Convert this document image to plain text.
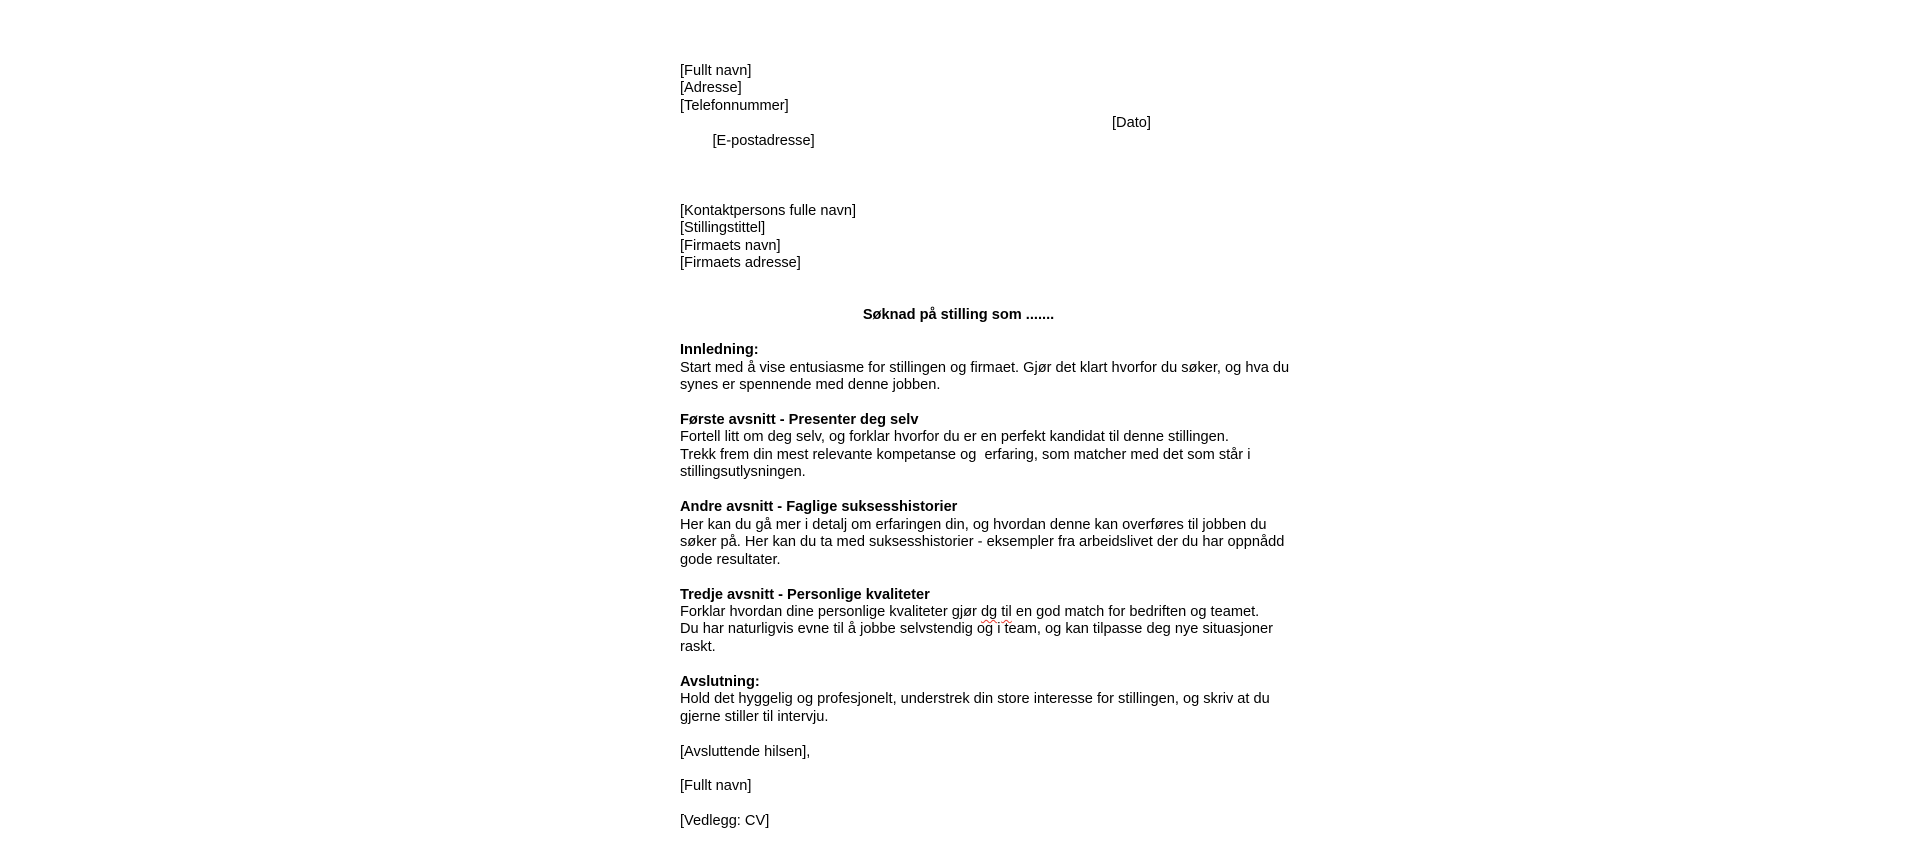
[Fullt navn]
[Adresse]
[Telefonnummer]

[E-postadresse]

[Dato]

[Kontaktpersons fulle navn]
[Stillingstittel]
[Firmaets navn]
[Firmaets adresse]
Søknad på stilling som .......
Innledning:
Start med å vise entusiasme for stillingen og firmaet. Gjør det klart hvorfor du søker, og hva du
synes er spennende med denne jobben.
Første avsnitt - Presenter deg selv
Fortell litt om deg selv, og forklar hvorfor du er en perfekt kandidat til denne stillingen.
Trekk frem din mest relevante kompetanse og  erfaring, som matcher med det som står i
stillingsutlysningen.
Andre avsnitt - Faglige suksesshistorier
Her kan du gå mer i detalj om erfaringen din, og hvordan denne kan overføres til jobben du
søker på. Her kan du ta med suksesshistorier - eksempler fra arbeidslivet der du har oppnådd
gode resultater.
Tredje avsnitt - Personlige kvaliteter
Forklar hvordan dine personlige kvaliteter gjør dg til en god match for bedriften og teamet.
Du har naturligvis evne til å jobbe selvstendig og i team, og kan tilpasse deg nye situasjoner
raskt.
Avslutning:
Hold det hyggelig og profesjonelt, understrek din store interesse for stillingen, og skriv at du
gjerne stiller til intervju.
[Avsluttende hilsen],
[Fullt navn]
[Vedlegg: CV]
